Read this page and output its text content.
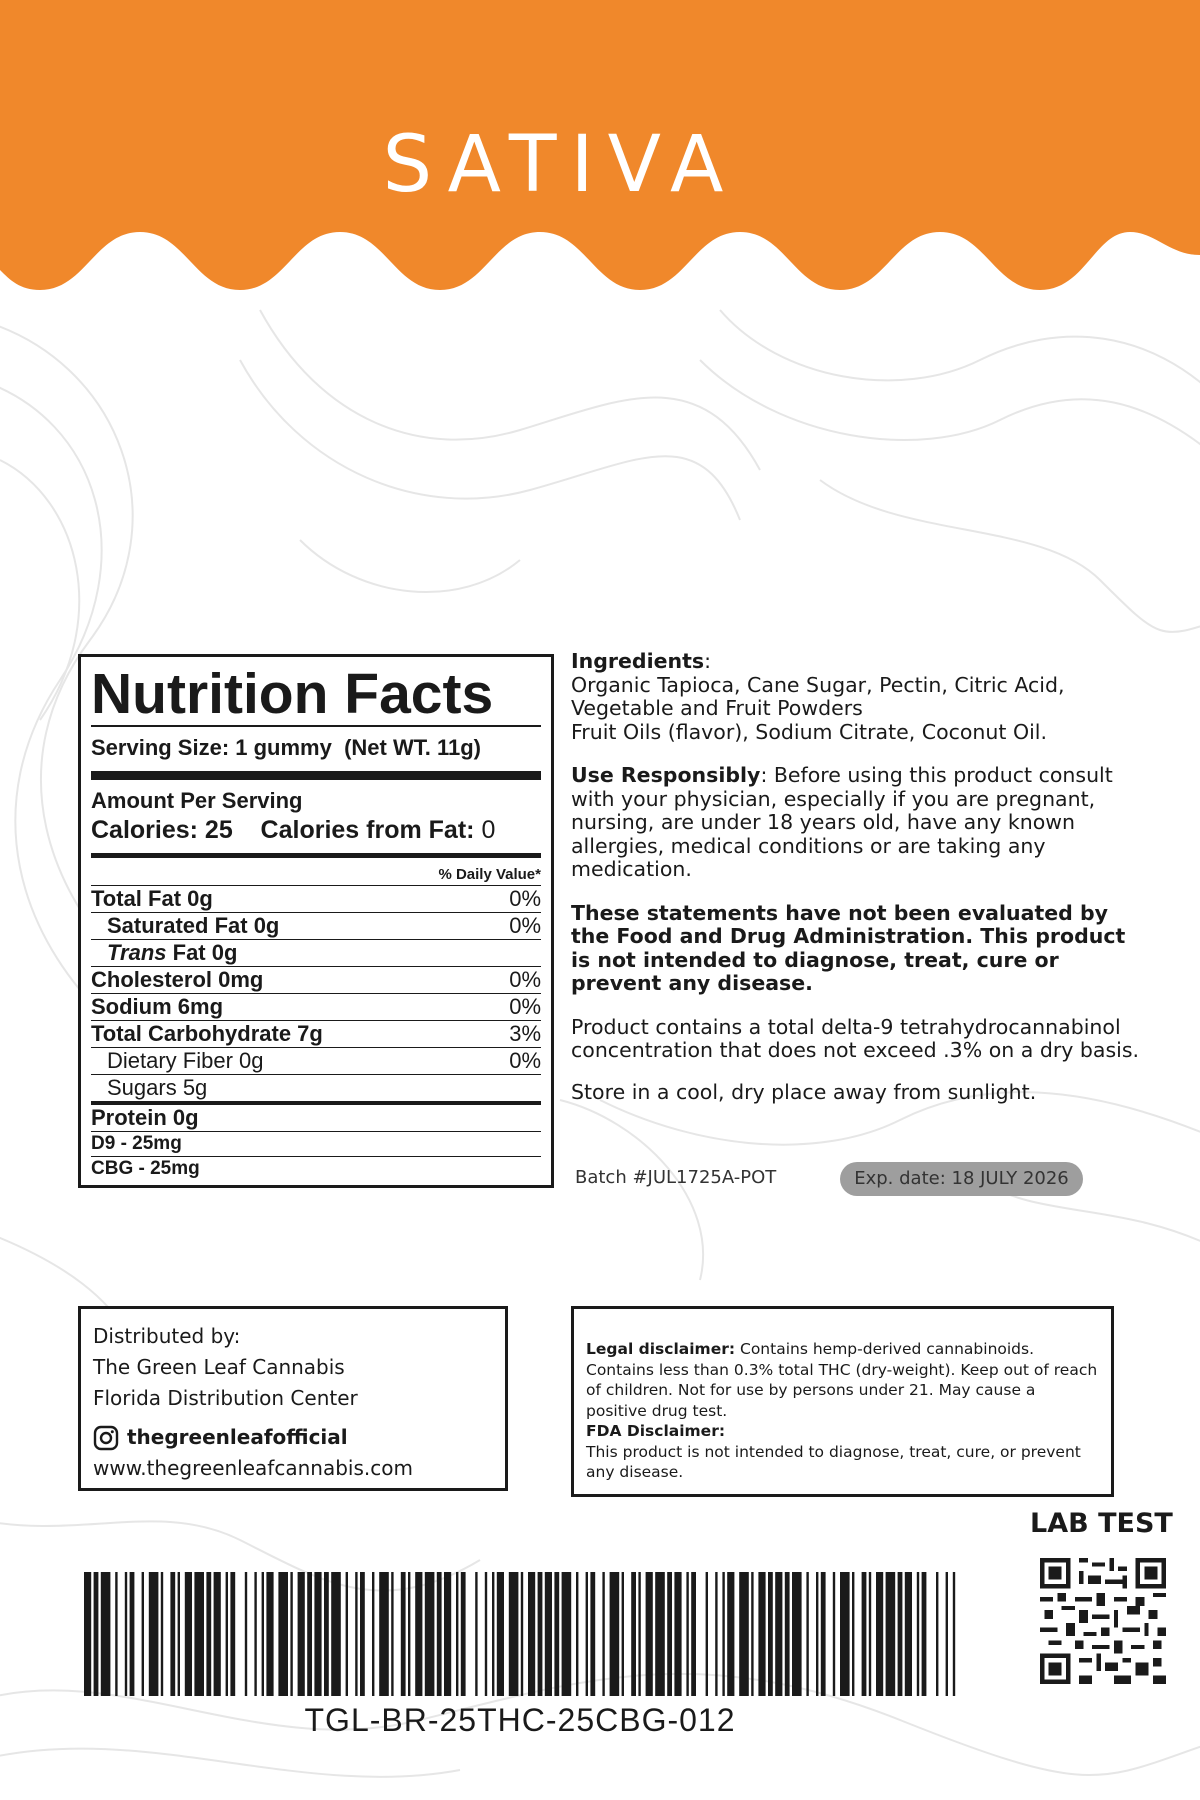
SATIVA
Nutrition Facts
Serving Size: 1 gummy (Net WT. 11g)
Amount Per Serving
Calories: 25 Calories from Fat: 0
% Daily Value*
Total Fat 0g	0%
Saturated Fat 0g	0%
Trans Fat 0g
Cholesterol 0mg	0%
Sodium 6mg	0%
Total Carbohydrate 7g	3%
Dietary Fiber 0g	0%
Sugars 5g
Protein 0g
D9 - 25mg
CBG - 25mg

Ingredients:

Organic Tapioca, Cane Sugar, Pectin, Citric Acid,

Vegetable and Fruit Powders

Fruit Oils (flavor), Sodium Citrate, Coconut Oil.

Use Responsibly: Before using this product consult with your physician, especially if you are pregnant, nursing, are under 18 years old, have any known allergies, medical conditions or are taking any medication.

These statements have not been evaluated by the Food and Drug Administration. This product is not intended to diagnose, treat, cure or prevent any disease.

Product contains a total delta-9 tetrahydrocannabinol concentration that does not exceed .3% on a dry basis.

Store in a cool, dry place away from sunlight.

Batch #JUL1725A-POT	Exp. date: 18 JULY 2026
Distributed by:
The Green Leaf Cannabis
Florida Distribution Center
thegreenleafofficial
www.thegreenleafcannabis.com
Legal disclaimer: Contains hemp-derived cannabinoids. Contains less than 0.3% total THC (dry-weight). Keep out of reach of children. Not for use by persons under 21. May cause a positive drug test.
FDA Disclaimer:
This product is not intended to diagnose, treat, cure, or prevent any disease.
LAB TEST
TGL-BR-25THC-25CBG-012
